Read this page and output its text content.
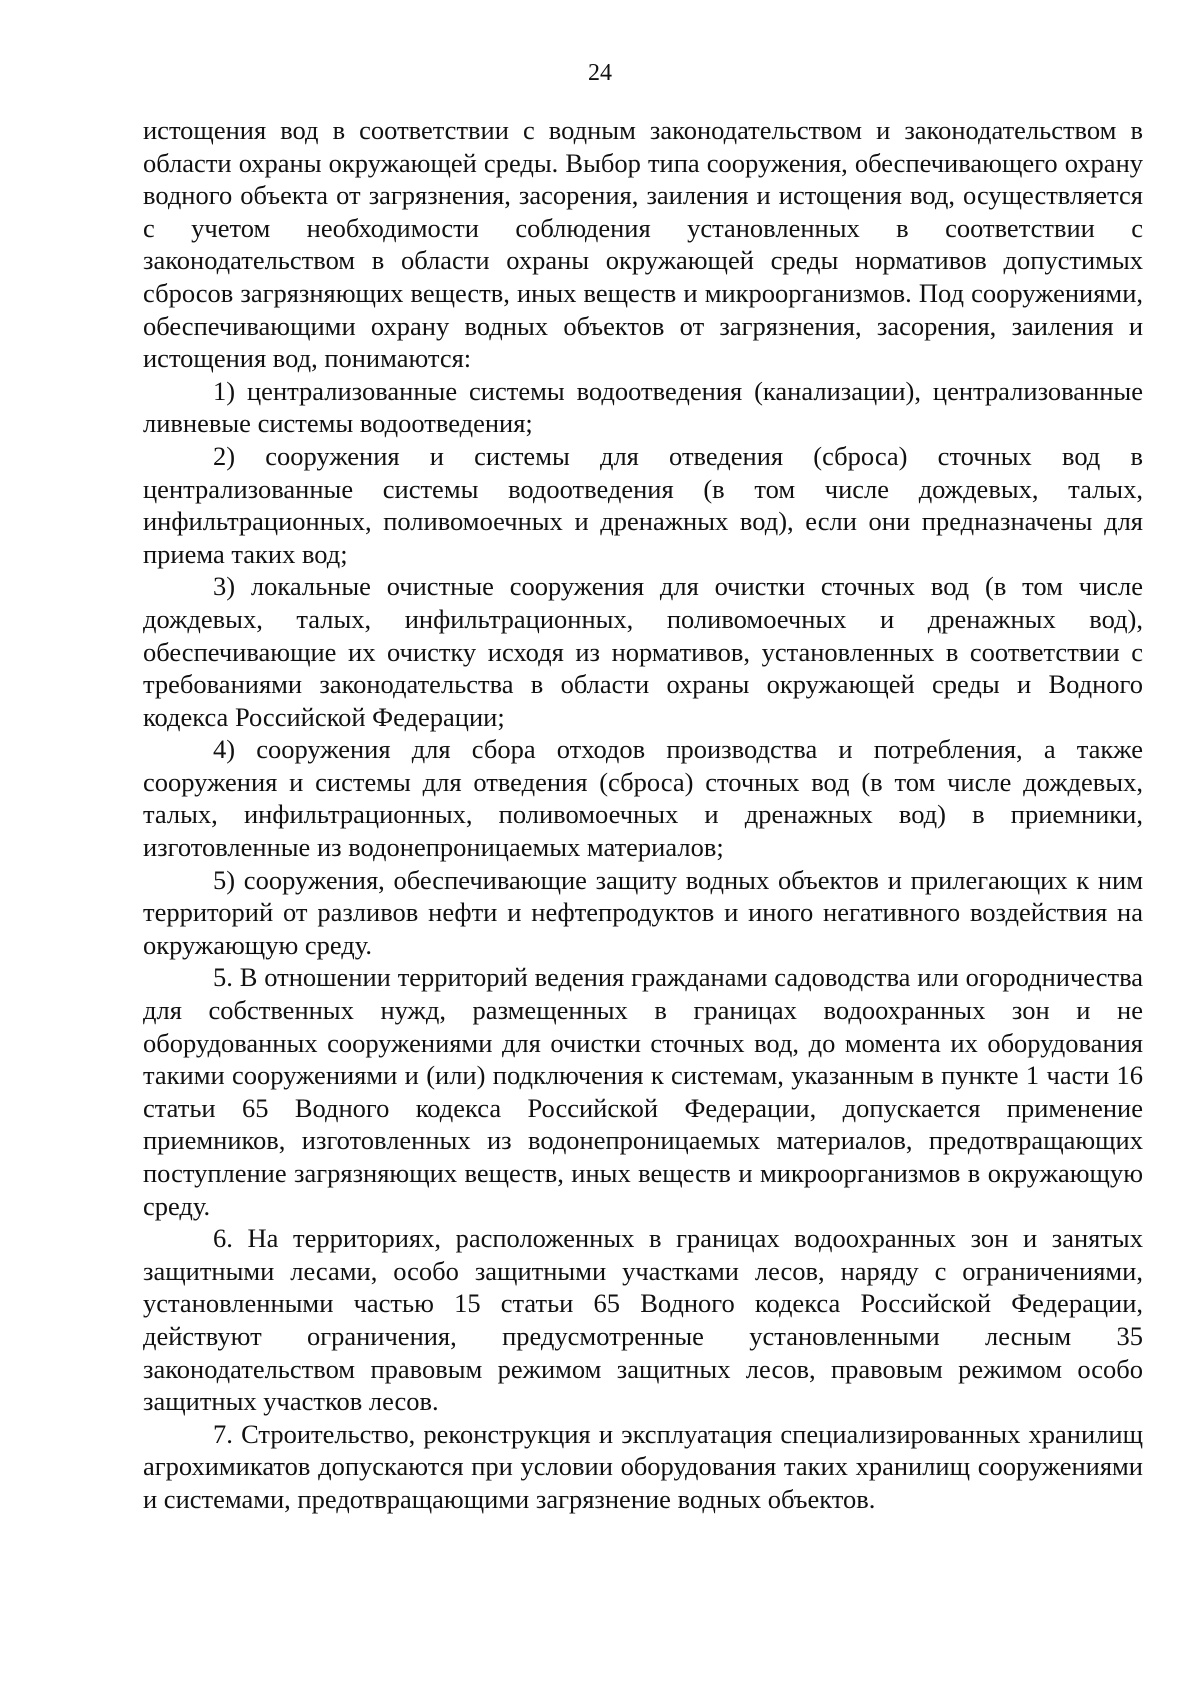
24

истощения вод в соответствии с водным законодательством и законодательством в области охраны окружающей среды. Выбор типа сооружения, обеспечивающего охрану водного объекта от загрязнения, засорения, заиления и истощения вод, осуществляется с учетом необходимости соблюдения установленных в соответствии с законодательством в области охраны окружающей среды нормативов допустимых сбросов загрязняющих веществ, иных веществ и микроорганизмов. Под сооружениями, обеспечивающими охрану водных объектов от загрязнения, засорения, заиления и истощения вод, понимаются:

1) централизованные системы водоотведения (канализации), централизованные ливневые системы водоотведения;

2) сооружения и системы для отведения (сброса) сточных вод в централизованные системы водоотведения (в том числе дождевых, талых, инфильтрационных, поливомоечных и дренажных вод), если они предназначены для приема таких вод;

3) локальные очистные сооружения для очистки сточных вод (в том числе дождевых, талых, инфильтрационных, поливомоечных и дренажных вод), обеспечивающие их очистку исходя из нормативов, установленных в соответствии с требованиями законодательства в области охраны окружающей среды и Водного кодекса Российской Федерации;

4) сооружения для сбора отходов производства и потребления, а также сооружения и системы для отведения (сброса) сточных вод (в том числе дождевых, талых, инфильтрационных, поливомоечных и дренажных вод) в приемники, изготовленные из водонепроницаемых материалов;

5) сооружения, обеспечивающие защиту водных объектов и прилегающих к ним территорий от разливов нефти и нефтепродуктов и иного негативного воздействия на окружающую среду.

5. В отношении территорий ведения гражданами садоводства или огородничества для собственных нужд, размещенных в границах водоохранных зон и не оборудованных сооружениями для очистки сточных вод, до момента их оборудования такими сооружениями и (или) подключения к системам, указанным в пункте 1 части 16 статьи 65 Водного кодекса Российской Федерации, допускается применение приемников, изготовленных из водонепроницаемых материалов, предотвращающих поступление загрязняющих веществ, иных веществ и микроорганизмов в окружающую среду.

6. На территориях, расположенных в границах водоохранных зон и занятых защитными лесами, особо защитными участками лесов, наряду с ограничениями, установленными частью 15 статьи 65 Водного кодекса Российской Федерации, действуют ограничения, предусмотренные установленными лесным 35 законодательством правовым режимом защитных лесов, правовым режимом особо защитных участков лесов.

7. Строительство, реконструкция и эксплуатация специализированных хранилищ агрохимикатов допускаются при условии оборудования таких хранилищ сооружениями и системами, предотвращающими загрязнение водных объектов.
